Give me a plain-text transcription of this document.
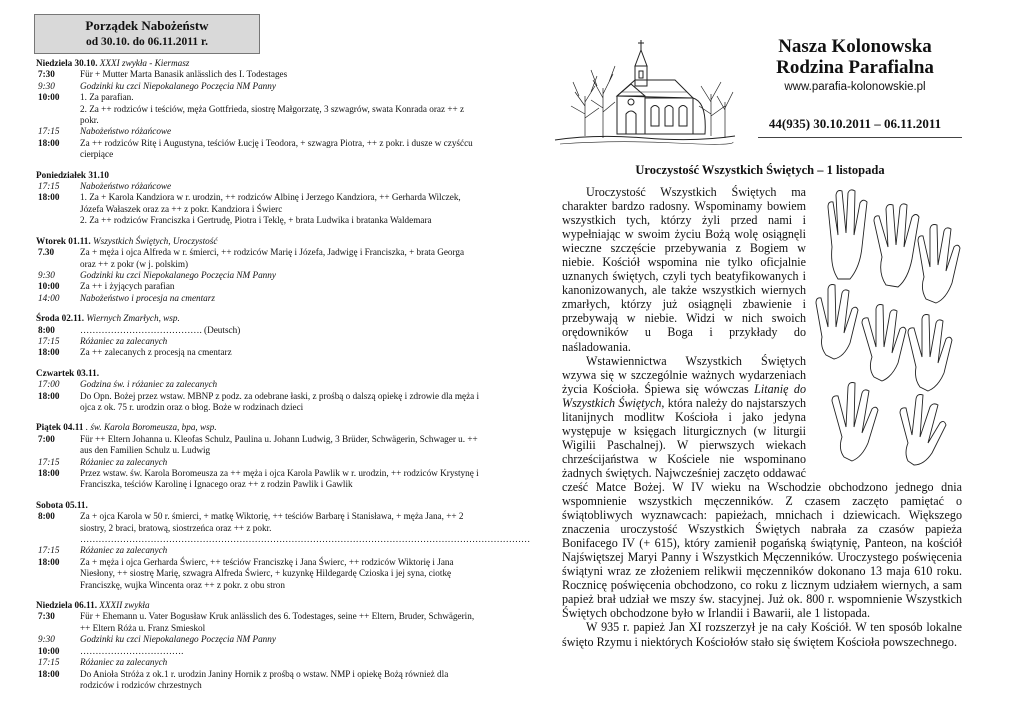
Porządek Nabożeństw
od 30.10. do 06.11.2011 r.
Niedziela 30.10. XXXI zwykła - Kiermasz
7:30	Für + Mutter Marta Banasik anlässlich des I. Todestages
9:30	Godzinki ku czci Niepokalanego Poczęcia NM Panny
10:00	1. Za parafian.
2. Za ++ rodziców i teściów, męża Gottfrieda, siostrę Małgorzatę, 3 szwagrów, swata Konrada oraz ++ z pokr.
17:15	Nabożeństwo różańcowe
18:00	Za ++ rodziców Ritę i Augustyna, teściów Łucję i Teodora, + szwagra Piotra, ++ z pokr. i dusze w czyśćcu cierpiące
Poniedziałek 31.10
17:15	Nabożeństwo różańcowe
18:00	1. Za + Karola Kandziora w r. urodzin, ++ rodziców Albinę i Jerzego Kandziora, ++ Gerharda Wilczek, Józefa Wałaszek oraz za ++ z pokr. Kandziora i Świerc
2. Za ++ rodziców Franciszka i Gertrudę, Piotra i Teklę, + brata Ludwika i bratanka Waldemara
Wtorek 01.11. Wszystkich Świętych, Uroczystość
7.30	Za + męża i ojca Alfreda w r. śmierci, ++ rodziców Marię i Józefa, Jadwigę i Franciszka, + brata Georga oraz ++ z pokr (w j. polskim)
9:30	Godzinki ku czci Niepokalanego Poczęcia NM Panny
10:00	Za ++ i żyjących parafian
14:00	Nabożeństwo i procesja na cmentarz
Środa 02.11. Wiernych Zmarłych, wsp.
8:00	…………………………………. (Deutsch)
17:15	Różaniec za zalecanych
18:00	Za ++ zalecanych z procesją na cmentarz
Czwartek 03.11.
17:00	Godzina św. i różaniec za zalecanych
18:00	Do Opn. Bożej przez wstaw. MBNP z podz. za odebrane łaski, z prośbą o dalszą opiekę i zdrowie dla męża i ojca z ok. 75 r. urodzin oraz o błog. Boże w rodzinach dzieci
Piątek 04.11 . św. Karola Boromeusza, bpa, wsp.
7:00	Für ++ Eltern Johanna u. Kleofas Schulz, Paulina u. Johann Ludwig, 3 Brüder, Schwägerin, Schwager u. ++ aus den Familien Schulz u. Ludwig
17:15	Różaniec za zalecanych
18:00	Przez wstaw. św. Karola Boromeusza za ++ męża i ojca Karola Pawlik w r. urodzin, ++ rodziców Krystynę i Franciszka, teściów Karolinę i Ignacego oraz ++ z rodzin Pawlik i Gawlik
Sobota 05.11.
8:00	Za + ojca Karola w 50 r. śmierci, + matkę Wiktorię, ++ teściów Barbarę i Stanisława, + męża Jana, ++ 2 siostry, 2 braci, bratową, siostrzeńca oraz ++ z pokr.
…………………………………………………………………………………………………………………………………
17:15	Różaniec za zalecanych
18:00	Za + męża i ojca Gerharda Świerc, ++ teściów Franciszkę i Jana Świerc, ++ rodziców Wiktorię i Jana Niesłony, ++ siostrę Marię, szwagra Alfreda Świerc, + kuzynkę Hildegardę Czioska i jej syna, ciotkę Franciszkę, wujka Wincenta oraz ++ z pokr. z obu stron
Niedziela 06.11. XXXII zwykła
7:30	Für + Ehemann u. Vater Bogusław Kruk anlässlich des 6. Todestages, seine ++ Eltern, Bruder, Schwägerin, ++ Eltern Róża u. Franz Smieskol
9:30	Godzinki ku czci Niepokalanego Poczęcia NM Panny
10:00	…………………………….
17:15	Różaniec za zalecanych
18:00	Do Anioła Stróża z ok.1 r. urodzin Janiny Hornik z prośbą o wstaw. NMP i opiekę Bożą również dla rodziców i rodziców chrzestnych
Nasza Kolonowska
Rodzina Parafialna
www.parafia-kolonowskie.pl
44(935) 30.10.2011 – 06.11.2011
Uroczystość Wszystkich Świętych – 1 listopada

Uroczystość Wszystkich Świętych ma charakter bardzo radosny. Wspominamy bowiem wszystkich tych, którzy żyli przed nami i wypełniając w swoim życiu Bożą wolę osiągnęli wieczne szczęście przebywania z Bogiem w niebie. Kościół wspomina nie tylko oficjalnie uznanych świętych, czyli tych beatyfikowanych i kanonizowanych, ale także wszystkich wiernych zmarłych, którzy już osiągnęli zbawienie i przebywają w niebie. Widzi w nich swoich orędowników u Boga i przykłady do naśladowania.

Wstawiennictwa Wszystkich Świętych wzywa się w szczególnie ważnych wydarzeniach życia Kościoła. Śpiewa się wówczas Litanię do Wszystkich Świętych, która należy do najstarszych litanijnych modlitw Kościoła i jako jedyna występuje w księgach liturgicznych (w liturgii Wigilii Paschalnej). W pierwszych wiekach chrześcijaństwa w Kościele nie wspominano żadnych świętych. Najwcześniej zaczęto oddawać cześć Matce Bożej. W IV wieku na Wschodzie obchodzono jednego dnia wspomnienie wszystkich męczenników. Z czasem zaczęto pamiętać o świątobliwych wyznawcach: papieżach, mnichach i dziewicach. Większego znaczenia uroczystość Wszystkich Świętych nabrała za czasów papieża Bonifacego IV (+ 615), który zamienił pogańską świątynię, Panteon, na kościół Najświętszej Maryi Panny i Wszystkich Męczenników. Uroczystego poświęcenia świątyni wraz ze złożeniem relikwii męczenników dokonano 13 maja 610 roku. Rocznicę poświęcenia obchodzono, co roku z licznym udziałem wiernych, a sam papież brał udział we mszy św. stacyjnej. Już ok. 800 r. wspomnienie Wszystkich Świętych obchodzone było w Irlandii i Bawarii, ale 1 listopada.

W 935 r. papież Jan XI rozszerzył je na cały Kościół. W ten sposób lokalne święto Rzymu i niektórych Kościołów stało się świętem Kościoła powszechnego.
